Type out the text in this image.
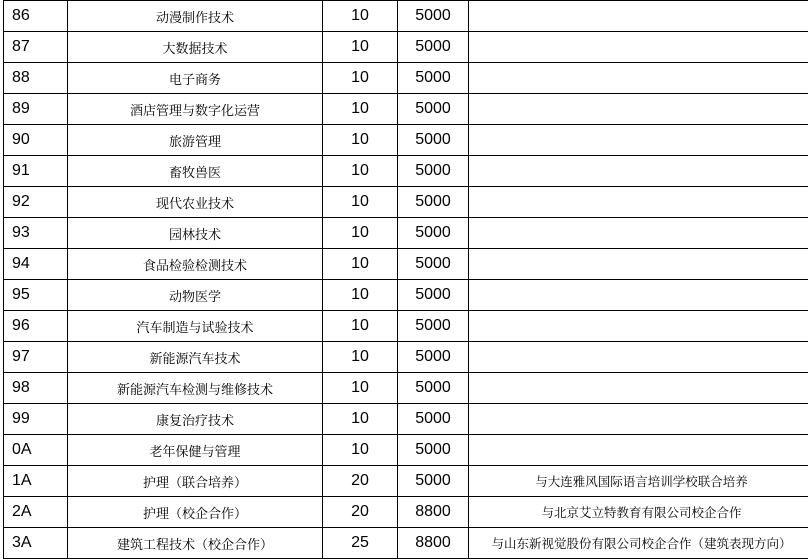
86	动漫制作技术	10	5000	
87	大数据技术	10	5000	
88	电子商务	10	5000	
89	酒店管理与数字化运营	10	5000	
90	旅游管理	10	5000	
91	畜牧兽医	10	5000	
92	现代农业技术	10	5000	
93	园林技术	10	5000	
94	食品检验检测技术	10	5000	
95	动物医学	10	5000	
96	汽车制造与试验技术	10	5000	
97	新能源汽车技术	10	5000	
98	新能源汽车检测与维修技术	10	5000	
99	康复治疗技术	10	5000	
0A	老年保健与管理	10	5000	
1A	护理（联合培养）	20	5000	与大连雅风国际语言培训学校联合培养
2A	护理（校企合作）	20	8800	与北京艾立特教育有限公司校企合作
3A	建筑工程技术（校企合作）	25	8800	与山东新视觉股份有限公司校企合作（建筑表现方向）
